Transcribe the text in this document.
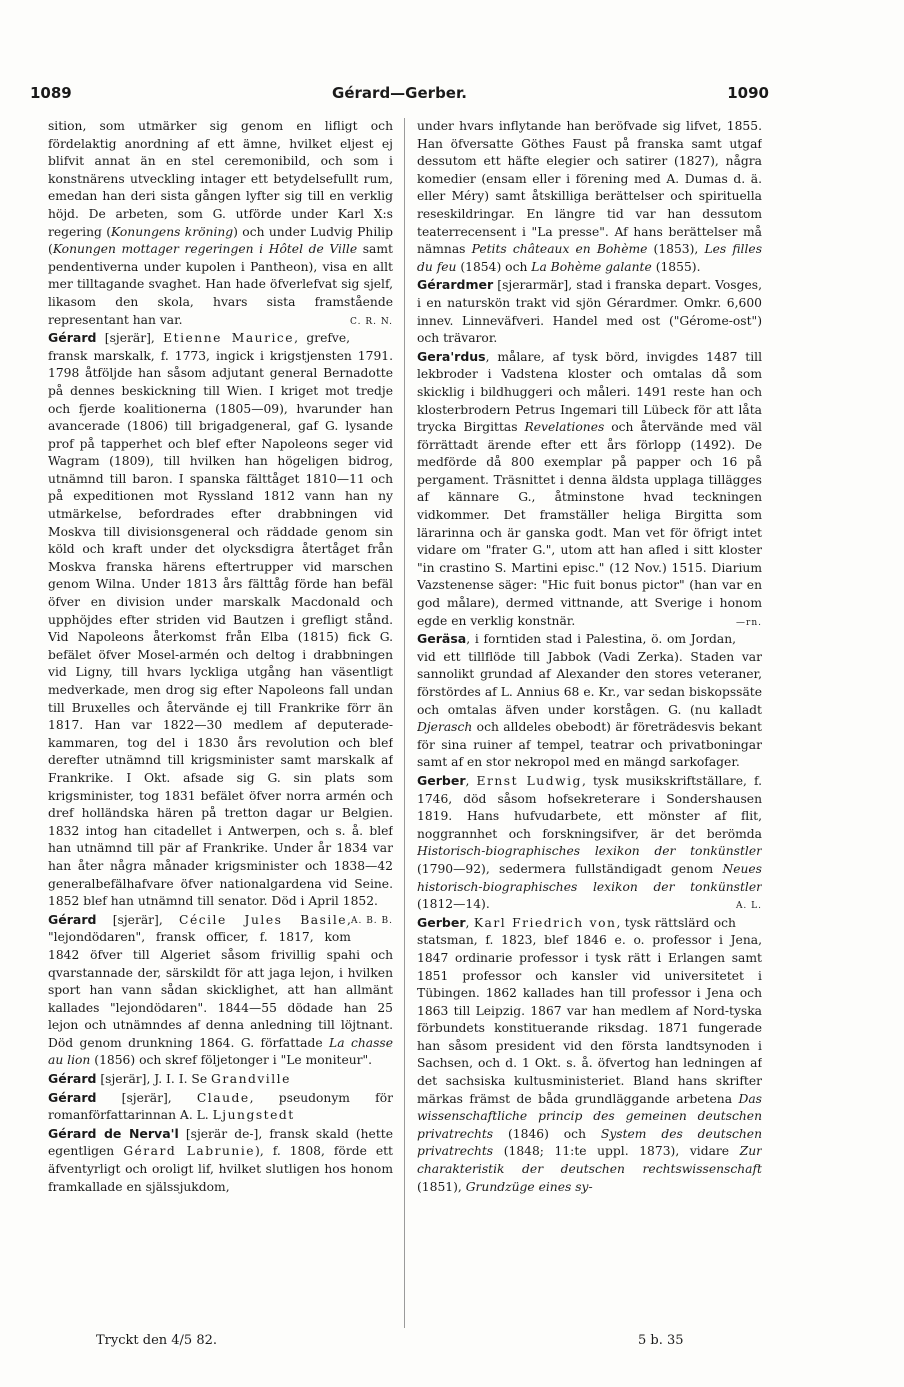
1089	Gérard—Gerber.	1090

sition, som utmärker sig genom en lifligt och fördelaktig anordning af ett ämne, hvilket eljest ej blifvit annat än en stel ceremonibild, och som i konstnärens utveckling intager ett betydelsefullt rum, emedan han deri sista gången lyfter sig till en verklig höjd. De arbeten, som G. utförde under Karl X:s regering (Konungens kröning) och under Ludvig Philip (Konungen mottager regeringen i Hôtel de Ville samt pendentiverna under kupolen i Pantheon), visa en allt mer tilltagande svaghet. Han hade öfverlefvat sig sjelf, likasom den skola, hvars sista framstående representant han var.	C. R. N.

Gérard [sjerär], Etienne Maurice, grefve, fransk marskalk, f. 1773, ingick i krigstjensten 1791. 1798 åtföljde han såsom adjutant general Bernadotte på dennes beskickning till Wien. I kriget mot tredje och fjerde koalitionerna (1805—09), hvarunder han avancerade (1806) till brigadgeneral, gaf G. lysande prof på tapperhet och blef efter Napoleons seger vid Wagram (1809), till hvilken han högeligen bidrog, utnämnd till baron. I spanska fälttåget 1810—11 och på expeditionen mot Ryssland 1812 vann han ny utmärkelse, befordrades efter drabbningen vid Moskva till divisionsgeneral och räddade genom sin köld och kraft under det olycksdigra återtåget från Moskva franska härens eftertrupper vid marschen genom Wilna. Under 1813 års fälttåg förde han befäl öfver en division under marskalk Macdonald och upphöjdes efter striden vid Bautzen i grefligt stånd. Vid Napoleons återkomst från Elba (1815) fick G. befälet öfver Mosel-armén och deltog i drabbningen vid Ligny, till hvars lyckliga utgång han väsentligt medverkade, men drog sig efter Napoleons fall undan till Bruxelles och återvände ej till Frankrike förr än 1817. Han var 1822—30 medlem af deputerade-kammaren, tog del i 1830 års revolution och blef derefter utnämnd till krigsminister samt marskalk af Frankrike. I Okt. afsade sig G. sin plats som krigsminister, tog 1831 befälet öfver norra armén och dref holländska hären på tretton dagar ur Belgien. 1832 intog han citadellet i Antwerpen, och s. å. blef han utnämnd till pär af Frankrike. Under år 1834 var han åter några månader krigsminister och 1838—42 generalbefälhafvare öfver nationalgardena vid Seine. 1852 blef han utnämnd till senator. Död i April 1852.
A. B. B.

Gérard [sjerär], Cécile Jules Basile, "lejondödaren", fransk officer, f. 1817, kom 1842 öfver till Algeriet såsom frivillig spahi och qvarstannade der, särskildt för att jaga lejon, i hvilken sport han vann sådan skicklighet, att han allmänt kallades "lejondödaren". 1844—55 dödade han 25 lejon och utnämndes af denna anledning till löjtnant. Död genom drunkning 1864. G. författade La chasse au lion (1856) och skref följetonger i "Le moniteur".

Gérard [sjerär], J. I. I. Se Grandville

Gérard [sjerär], Claude, pseudonym för romanförfattarinnan A. L. Ljungstedt

Gérard de Nerva'l [sjerär de-], fransk skald (hette egentligen Gérard Labrunie), f. 1808, förde ett äfventyrligt och oroligt lif, hvilket slutligen hos honom framkallade en själssjukdom,

under hvars inflytande han beröfvade sig lifvet, 1855. Han öfversatte Göthes Faust på franska samt utgaf dessutom ett häfte elegier och satirer (1827), några komedier (ensam eller i förening med A. Dumas d. ä. eller Méry) samt åtskilliga berättelser och spirituella reseskildringar. En längre tid var han dessutom teaterrecensent i "La presse". Af hans berättelser må nämnas Petits châteaux en Bohème (1853), Les filles du feu (1854) och La Bohème galante (1855).

Gérardmer [sjerarmär], stad i franska depart. Vosges, i en naturskön trakt vid sjön Gérardmer. Omkr. 6,600 innev. Linneväfveri. Handel med ost ("Gérome-ost") och trävaror.

Gera'rdus, målare, af tysk börd, invigdes 1487 till lekbroder i Vadstena kloster och omtalas då som skicklig i bildhuggeri och måleri. 1491 reste han och klosterbrodern Petrus Ingemari till Lübeck för att låta trycka Birgittas Revelationes och återvände med väl förrättadt ärende efter ett års förlopp (1492). De medförde då 800 exemplar på papper och 16 på pergament. Träsnittet i denna äldsta upplaga tillägges af kännare G., åtminstone hvad teckningen vidkommer. Det framställer heliga Birgitta som lärarinna och är ganska godt. Man vet för öfrigt intet vidare om "frater G.", utom att han afled i sitt kloster "in crastino S. Martini episc." (12 Nov.) 1515. Diarium Vazstenense säger: "Hic fuit bonus pictor" (han var en god målare), dermed vittnande, att Sverige i honom egde en verklig konstnär.	—rn.

Geräsa, i forntiden stad i Palestina, ö. om Jordan, vid ett tillflöde till Jabbok (Vadi Zerka). Staden var sannolikt grundad af Alexander den stores veteraner, förstördes af L. Annius 68 e. Kr., var sedan biskopssäte och omtalas äfven under korstågen. G. (nu kalladt Djerasch och alldeles obebodt) är företrädesvis bekant för sina ruiner af tempel, teatrar och privatboningar samt af en stor nekropol med en mängd sarkofager.

Gerber, Ernst Ludwig, tysk musikskriftställare, f. 1746, död såsom hofsekreterare i Sondershausen 1819. Hans hufvudarbete, ett mönster af flit, noggrannhet och forskningsifver, är det berömda Historisch-biographisches lexikon der tonkünstler (1790—92), sedermera fullständigadt genom Neues historisch-biographisches lexikon der tonkünstler (1812—14).	A. L.

Gerber, Karl Friedrich von, tysk rättslärd och statsman, f. 1823, blef 1846 e. o. professor i Jena, 1847 ordinarie professor i tysk rätt i Erlangen samt 1851 professor och kansler vid universitetet i Tübingen. 1862 kallades han till professor i Jena och 1863 till Leipzig. 1867 var han medlem af Nord-tyska förbundets konstituerande riksdag. 1871 fungerade han såsom president vid den första landtsynoden i Sachsen, och d. 1 Okt. s. å. öfvertog han ledningen af det sachsiska kultusministeriet. Bland hans skrifter märkas främst de båda grundläggande arbetena Das wissenschaftliche princip des gemeinen deutschen privatrechts (1846) och System des deutschen privatrechts (1848; 11:te uppl. 1873), vidare Zur charakteristik der deutschen rechtswissenschaft (1851), Grundzüge eines sy-

Tryckt den 4/5 82.	5 b. 35
